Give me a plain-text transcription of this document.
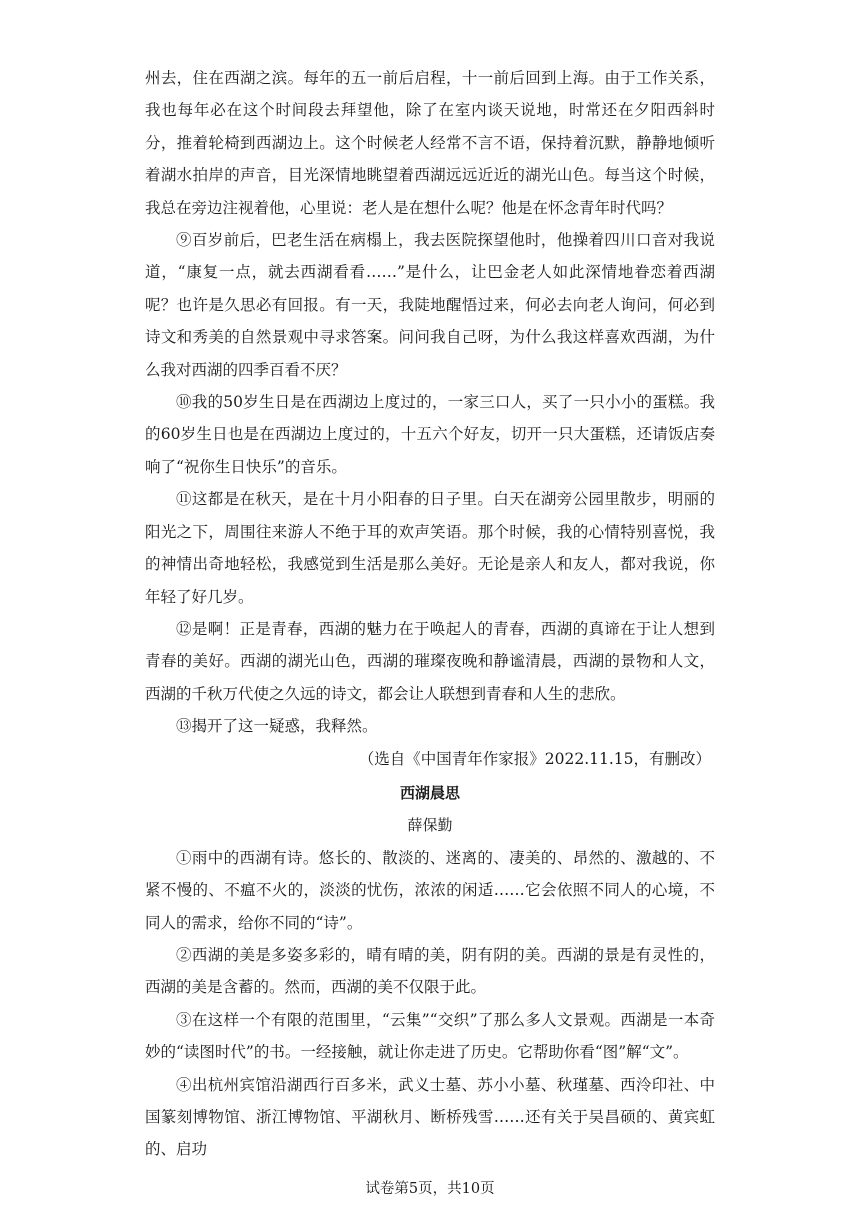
州去，住在西湖之滨。每年的五一前后启程，十一前后回到上海。由于工作关系，我也每年必在这个时间段去拜望他，除了在室内谈天说地，时常还在夕阳西斜时分，推着轮椅到西湖边上。这个时候老人经常不言不语，保持着沉默，静静地倾听着湖水拍岸的声音，目光深情地眺望着西湖远远近近的湖光山色。每当这个时候，我总在旁边注视着他，心里说：老人是在想什么呢？他是在怀念青年时代吗？

⑨百岁前后，巴老生活在病榻上，我去医院探望他时，他操着四川口音对我说道，“康复一点，就去西湖看看……”是什么，让巴金老人如此深情地眷恋着西湖呢？也许是久思必有回报。有一天，我陡地醒悟过来，何必去向老人询问，何必到诗文和秀美的自然景观中寻求答案。问问我自己呀，为什么我这样喜欢西湖，为什么我对西湖的四季百看不厌？

⑩我的50岁生日是在西湖边上度过的，一家三口人，买了一只小小的蛋糕。我的60岁生日也是在西湖边上度过的，十五六个好友，切开一只大蛋糕，还请饭店奏响了“祝你生日快乐”的音乐。

⑪这都是在秋天，是在十月小阳春的日子里。白天在湖旁公园里散步，明丽的阳光之下，周围往来游人不绝于耳的欢声笑语。那个时候，我的心情特别喜悦，我的神情出奇地轻松，我感觉到生活是那么美好。无论是亲人和友人，都对我说，你年轻了好几岁。

⑫是啊！正是青春，西湖的魅力在于唤起人的青春，西湖的真谛在于让人想到青春的美好。西湖的湖光山色，西湖的璀璨夜晚和静谧清晨，西湖的景物和人文，西湖的千秋万代使之久远的诗文，都会让人联想到青春和人生的悲欣。

⑬揭开了这一疑惑，我释然。

（选自《中国青年作家报》2022.11.15，有删改）

西湖晨思

薛保勤

①雨中的西湖有诗。悠长的、散淡的、迷离的、凄美的、昂然的、激越的、不紧不慢的、不瘟不火的，淡淡的忧伤，浓浓的闲适……它会依照不同人的心境，不同人的需求，给你不同的“诗”。

②西湖的美是多姿多彩的，晴有晴的美，阴有阴的美。西湖的景是有灵性的，西湖的美是含蓄的。然而，西湖的美不仅限于此。

③在这样一个有限的范围里，“云集”“交织”了那么多人文景观。西湖是一本奇妙的“读图时代”的书。一经接触，就让你走进了历史。它帮助你看“图”解“文”。

④出杭州宾馆沿湖西行百多米，武义士墓、苏小小墓、秋瑾墓、西泠印社、中国篆刻博物馆、浙江博物馆、平湖秋月、断桥残雪……还有关于吴昌硕的、黄宾虹的、启功

试卷第5页，共10页
